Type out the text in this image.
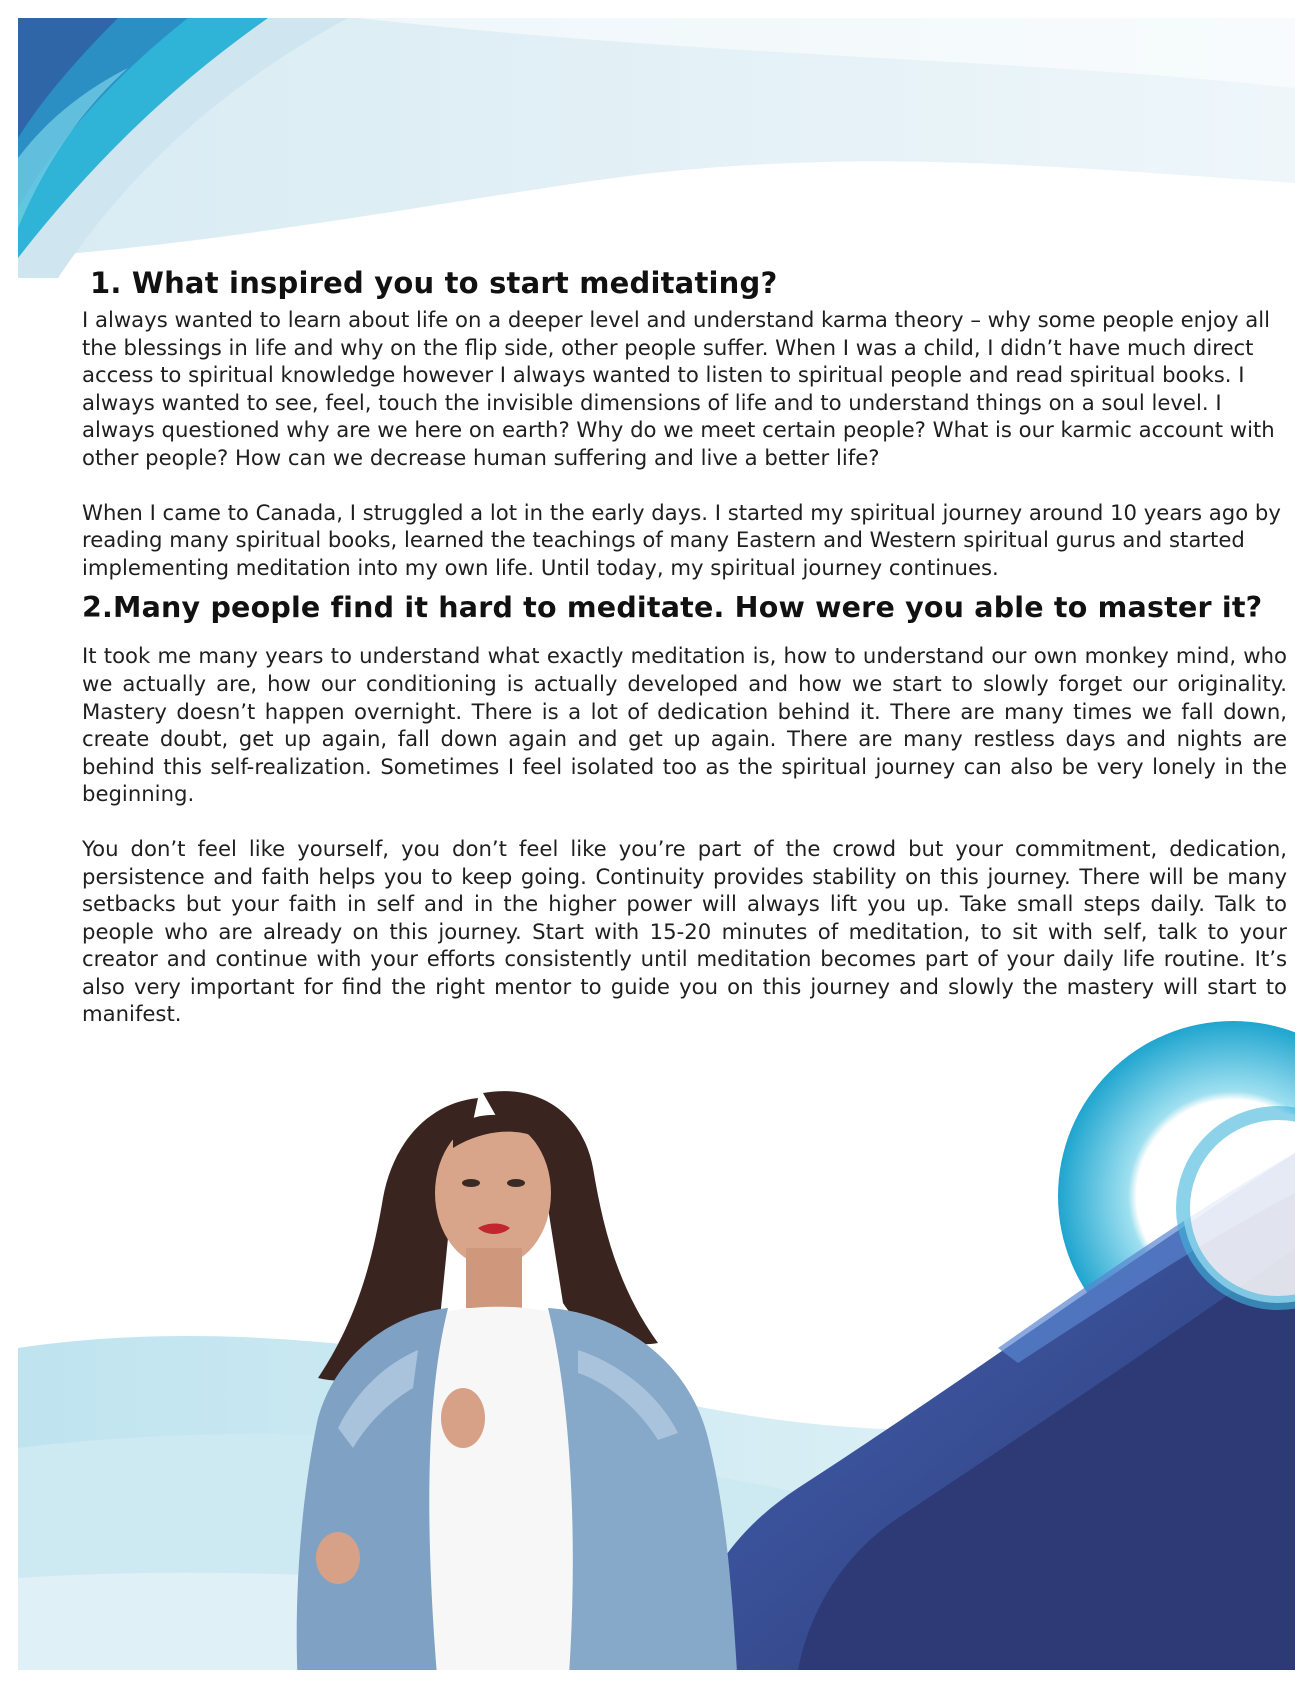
1. What inspired you to start meditating?

I always wanted to learn about life on a deeper level and understand karma theory – why some people enjoy all the blessings in life and why on the flip side, other people suffer. When I was a child, I didn’t have much direct access to spiritual knowledge however I always wanted to listen to spiritual people and read spiritual books. I always wanted to see, feel, touch the invisible dimensions of life and to understand things on a soul level. I always questioned why are we here on earth? Why do we meet certain people? What is our karmic account with other people? How can we decrease human suffering and live a better life?

When I came to Canada, I struggled a lot in the early days. I started my spiritual journey around 10 years ago by reading many spiritual books, learned the teachings of many Eastern and Western spiritual gurus and started implementing meditation into my own life. Until today, my spiritual journey continues.

2.Many people find it hard to meditate. How were you able to master it?

It took me many years to understand what exactly meditation is, how to understand our own monkey mind, who we actually are, how our conditioning is actually developed and how we start to slowly forget our originality. Mastery doesn’t happen overnight. There is a lot of dedication behind it. There are many times we fall down, create doubt, get up again, fall down again and get up again. There are many restless days and nights are behind this self-realization. Sometimes I feel isolated too as the spiritual journey can also be very lonely in the beginning.

You don’t feel like yourself, you don’t feel like you’re part of the crowd but your commitment, dedication, persistence and faith helps you to keep going. Continuity provides stability on this journey. There will be many setbacks but your faith in self and in the higher power will always lift you up. Take small steps daily. Talk to people who are already on this journey. Start with 15-20 minutes of meditation, to sit with self, talk to your creator and continue with your efforts consistently until meditation becomes part of your daily life routine. It’s also very important for find the right mentor to guide you on this journey and slowly the mastery will start to manifest.
